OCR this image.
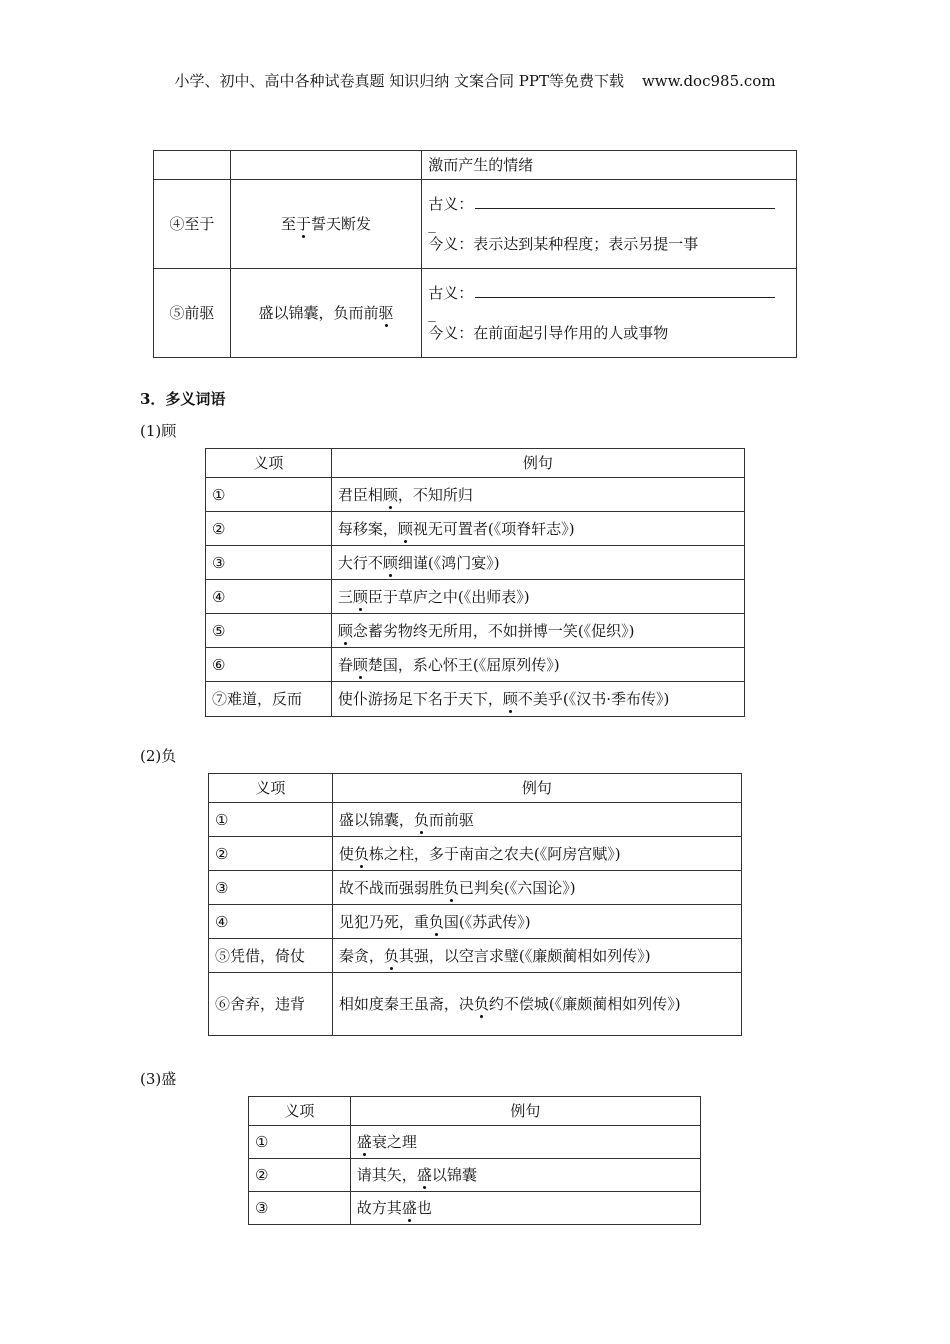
小学、初中、高中各种试卷真题 知识归纳 文案合同 PPT等免费下载 www.doc985.com
		激而产生的情绪
④至于	至于誓天断发	古义：
_
今义：表示达到某种程度；表示另提一事
⑤前驱	盛以锦囊，负而前驱	古义：
_
今义：在前面起引导作用的人或事物
3．多义词语
(1)顾
义项	例句
①	君臣相顾，不知所归
②	每移案，顾视无可置者(《项脊轩志》)
③	大行不顾细谨(《鸿门宴》)
④	三顾臣于草庐之中(《出师表》)
⑤	顾念蓄劣物终无所用，不如拼博一笑(《促织》)
⑥	眷顾楚国，系心怀王(《屈原列传》)
⑦难道，反而	使仆游扬足下名于天下，顾不美乎(《汉书·季布传》)
(2)负
义项	例句
①	盛以锦囊，负而前驱
②	使负栋之柱，多于南亩之农夫(《阿房宫赋》)
③	故不战而强弱胜负已判矣(《六国论》)
④	见犯乃死，重负国(《苏武传》)
⑤凭借，倚仗	秦贪，负其强，以空言求璧(《廉颇蔺相如列传》)
⑥舍弃，违背	相如度秦王虽斋，决负约不偿城(《廉颇蔺相如列传》)
(3)盛
义项	例句
①	盛衰之理
②	请其矢，盛以锦囊
③	故方其盛也
